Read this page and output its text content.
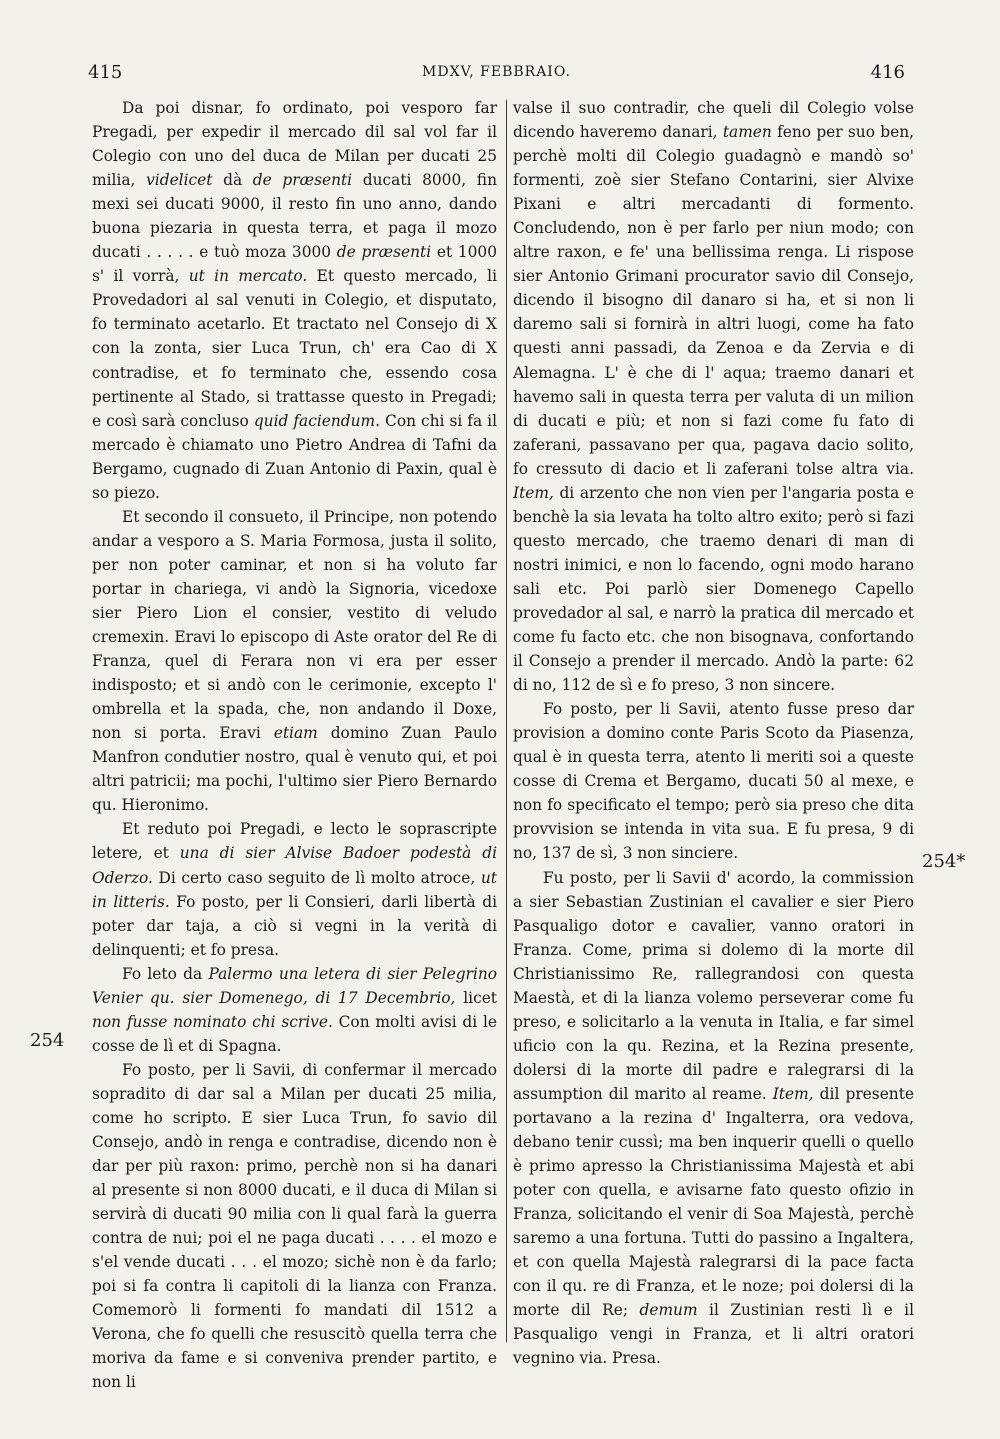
415	MDXV, FEBBRAIO.	416

Da poi disnar, fo ordinato, poi vesporo far Pregadi, per expedir il mercado dil sal vol far il Colegio con uno del duca de Milan per ducati 25 milia, videlicet dà de præsenti ducati 8000, fin mexi sei ducati 9000, il resto fin uno anno, dando buona piezaria in questa terra, et paga il mozo ducati . . . . . e tuò moza 3000 de præsenti et 1000 s' il vorrà, ut in mercato. Et questo mercado, li Provedadori al sal venuti in Colegio, et disputato, fo terminato acetarlo. Et tractato nel Consejo di X con la zonta, sier Luca Trun, ch' era Cao di X contradise, et fo terminato che, essendo cosa pertinente al Stado, si trattasse questo in Pregadi; e così sarà concluso quid faciendum. Con chi si fa il mercado è chiamato uno Pietro Andrea di Tafni da Bergamo, cugnado di Zuan Antonio di Paxin, qual è so piezo.

Et secondo il consueto, il Principe, non potendo andar a vesporo a S. Maria Formosa, justa il solito, per non poter caminar, et non si ha voluto far portar in chariega, vi andò la Signoria, vicedoxe sier Piero Lion el consier, vestito di veludo cremexin. Eravi lo episcopo di Aste orator del Re di Franza, quel di Ferara non vi era per esser indisposto; et si andò con le cerimonie, excepto l' ombrella et la spada, che, non andando il Doxe, non si porta. Eravi etiam domino Zuan Paulo Manfron condutier nostro, qual è venuto qui, et poi altri patricii; ma pochi, l'ultimo sier Piero Bernardo qu. Hieronimo.

Et reduto poi Pregadi, e lecto le soprascripte letere, et una di sier Alvise Badoer podestà di Oderzo. Di certo caso seguito de lì molto atroce, ut in litteris. Fo posto, per li Consieri, darli libertà di poter dar taja, a ciò si vegni in la verità di delinquenti; et fo presa.

Fo leto da Palermo una letera di sier Pelegrino Venier qu. sier Domenego, di 17 Decembrio, licet non fusse nominato chi scrive. Con molti avisi di le cosse de lì et di Spagna.

Fo posto, per li Savii, di confermar il mercado sopradito di dar sal a Milan per ducati 25 milia, come ho scripto. E sier Luca Trun, fo savio dil Consejo, andò in renga e contradise, dicendo non è dar per più raxon: primo, perchè non si ha danari al presente si non 8000 ducati, e il duca di Milan si servirà di ducati 90 milia con li qual farà la guerra contra de nui; poi el ne paga ducati . . . . el mozo e s'el vende ducati . . . el mozo; sichè non è da farlo; poi si fa contra li capitoli di la lianza con Franza. Comemorò li formenti fo mandati dil 1512 a Verona, che fo quelli che resuscitò quella terra che moriva da fame e si conveniva prender partito, e non li

valse il suo contradir, che queli dil Colegio volse dicendo haveremo danari, tamen feno per suo ben, perchè molti dil Colegio guadagnò e mandò so' formenti, zoè sier Stefano Contarini, sier Alvixe Pixani e altri mercadanti di formento. Concludendo, non è per farlo per niun modo; con altre raxon, e fe' una bellissima renga. Li rispose sier Antonio Grimani procurator savio dil Consejo, dicendo il bisogno dil danaro si ha, et si non li daremo sali si fornirà in altri luogi, come ha fato questi anni passadi, da Zenoa e da Zervia e di Alemagna. L' è che di l' aqua; traemo danari et havemo sali in questa terra per valuta di un milion di ducati e più; et non si fazi come fu fato di zaferani, passavano per qua, pagava dacio solito, fo cressuto di dacio et li zaferani tolse altra via. Item, di arzento che non vien per l'angaria posta e benchè la sia levata ha tolto altro exito; però si fazi questo mercado, che traemo denari di man di nostri inimici, e non lo facendo, ogni modo harano sali etc. Poi parlò sier Domenego Capello provedador al sal, e narrò la pratica dil mercado et come fu facto etc. che non bisognava, confortando il Consejo a prender il mercado. Andò la parte: 62 di no, 112 de sì e fo preso, 3 non sincere.

Fo posto, per li Savii, atento fusse preso dar provision a domino conte Paris Scoto da Piasenza, qual è in questa terra, atento li meriti soi a queste cosse di Crema et Bergamo, ducati 50 al mexe, e non fo specificato el tempo; però sia preso che dita provvision se intenda in vita sua. E fu presa, 9 di no, 137 de sì, 3 non sinciere.

Fu posto, per li Savii d' acordo, la commission a sier Sebastian Zustinian el cavalier e sier Piero Pasqualigo dotor e cavalier, vanno oratori in Franza. Come, prima si dolemo di la morte dil Christianissimo Re, rallegrandosi con questa Maestà, et di la lianza volemo perseverar come fu preso, e solicitarlo a la venuta in Italia, e far simel uficio con la qu. Rezina, et la Rezina presente, dolersi di la morte dil padre e ralegrarsi di la assumption dil marito al reame. Item, dil presente portavano a la rezina d' Ingalterra, ora vedova, debano tenir cussì; ma ben inquerir quelli o quello è primo apresso la Christianissima Majestà et abi poter con quella, e avisarne fato questo ofizio in Franza, solicitando el venir di Soa Majestà, perchè saremo a una fortuna. Tutti do passino a Ingaltera, et con quella Majestà ralegrarsi di la pace facta con il qu. re di Franza, et le noze; poi dolersi di la morte dil Re; demum il Zustinian resti lì e il Pasqualigo vengi in Franza, et li altri oratori vegnino via. Presa.

254
254*
